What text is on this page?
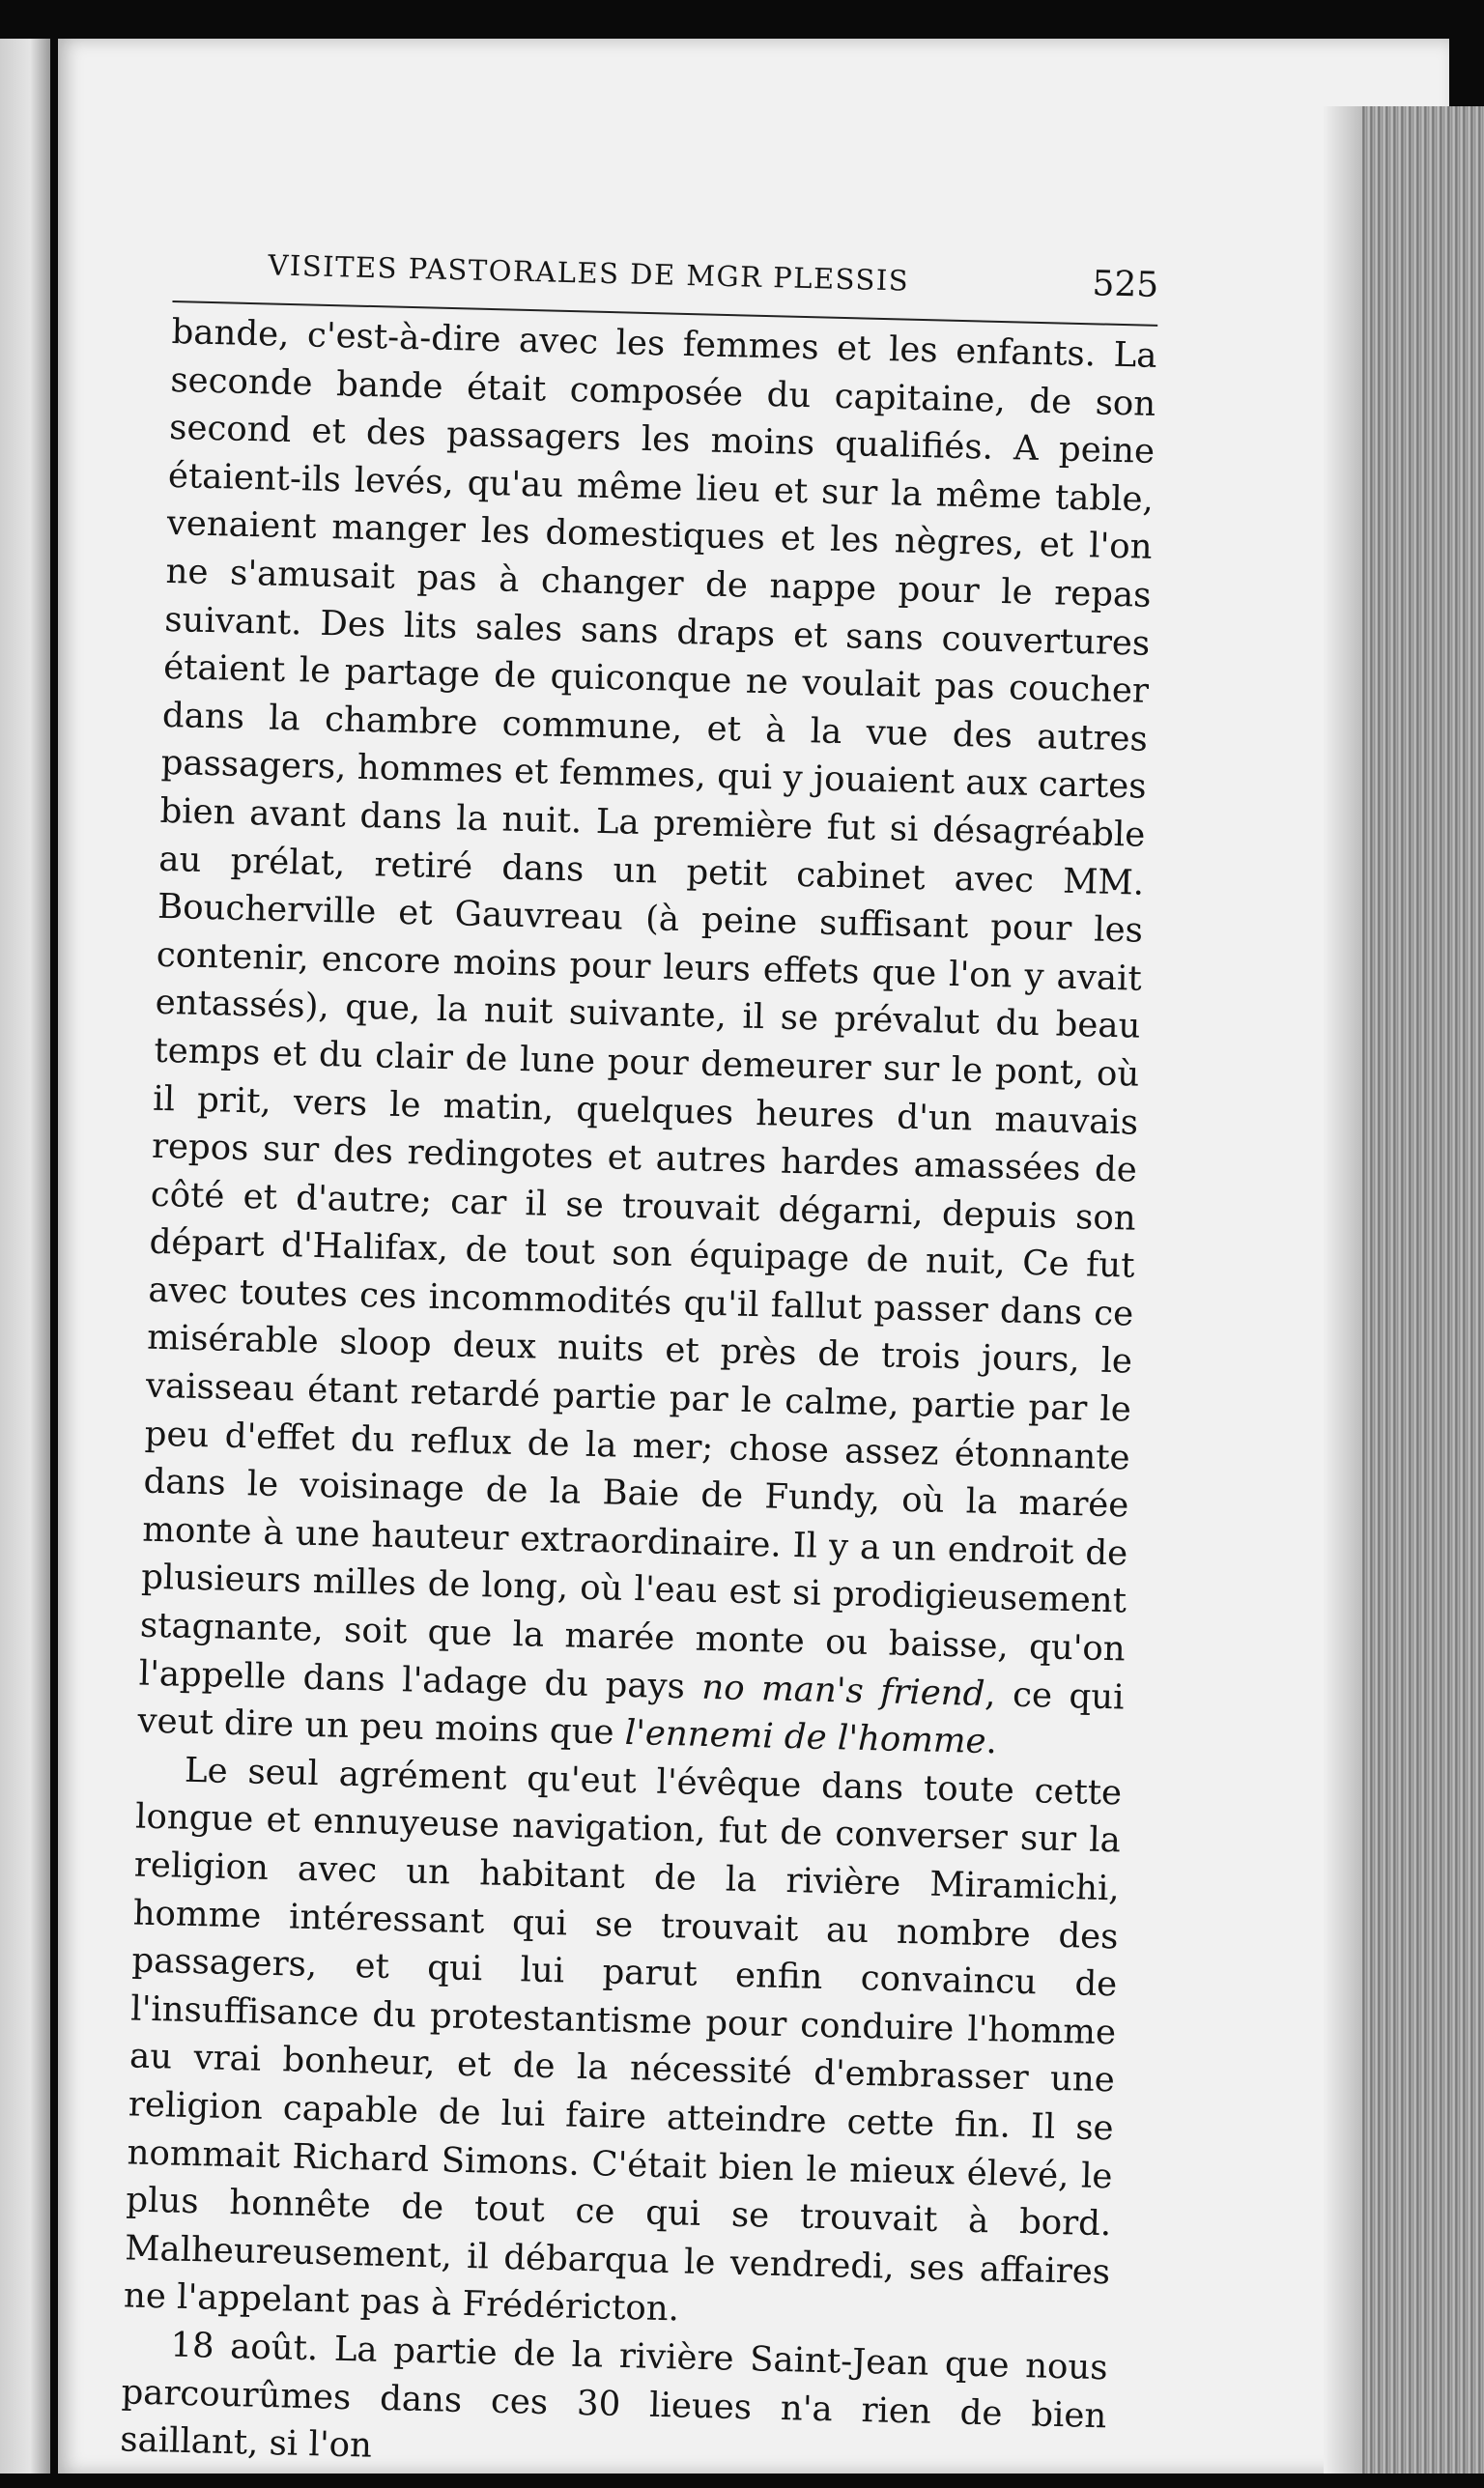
VISITES PASTORALES DE MGR PLESSIS	525

bande, c'est-à-dire avec les femmes et les enfants. La seconde bande était composée du capitaine, de son second et des passagers les moins qualifiés. A peine étaient-ils levés, qu'au même lieu et sur la même table, venaient manger les domestiques et les nègres, et l'on ne s'amusait pas à changer de nappe pour le repas suivant. Des lits sales sans draps et sans couvertures étaient le partage de quiconque ne voulait pas coucher dans la chambre commune, et à la vue des autres passagers, hommes et femmes, qui y jouaient aux cartes bien avant dans la nuit. La première fut si désagréable au prélat, retiré dans un petit cabinet avec MM. Boucherville et Gauvreau (à peine suffisant pour les contenir, encore moins pour leurs effets que l'on y avait entassés), que, la nuit suivante, il se prévalut du beau temps et du clair de lune pour demeurer sur le pont, où il prit, vers le matin, quelques heures d'un mauvais repos sur des redingotes et autres hardes amassées de côté et d'autre; car il se trouvait dégarni, depuis son départ d'Halifax, de tout son équipage de nuit, Ce fut avec toutes ces incommodités qu'il fallut passer dans ce misérable sloop deux nuits et près de trois jours, le vaisseau étant retardé partie par le calme, partie par le peu d'effet du reflux de la mer; chose assez étonnante dans le voisinage de la Baie de Fundy, où la marée monte à une hauteur extraordinaire. Il y a un endroit de plusieurs milles de long, où l'eau est si prodigieusement stagnante, soit que la marée monte ou baisse, qu'on l'appelle dans l'adage du pays no man's friend, ce qui veut dire un peu moins que l'ennemi de l'homme.

Le seul agrément qu'eut l'évêque dans toute cette longue et ennuyeuse navigation, fut de converser sur la religion avec un habitant de la rivière Miramichi, homme intéressant qui se trouvait au nombre des passagers, et qui lui parut enfin convaincu de l'insuffisance du protestantisme pour conduire l'homme au vrai bonheur, et de la nécessité d'embrasser une religion capable de lui faire atteindre cette fin. Il se nommait Richard Simons. C'était bien le mieux élevé, le plus honnête de tout ce qui se trouvait à bord. Malheureusement, il débarqua le vendredi, ses affaires ne l'appelant pas à Frédéricton.

18 août. La partie de la rivière Saint-Jean que nous parcourûmes dans ces 30 lieues n'a rien de bien saillant, si l'on
